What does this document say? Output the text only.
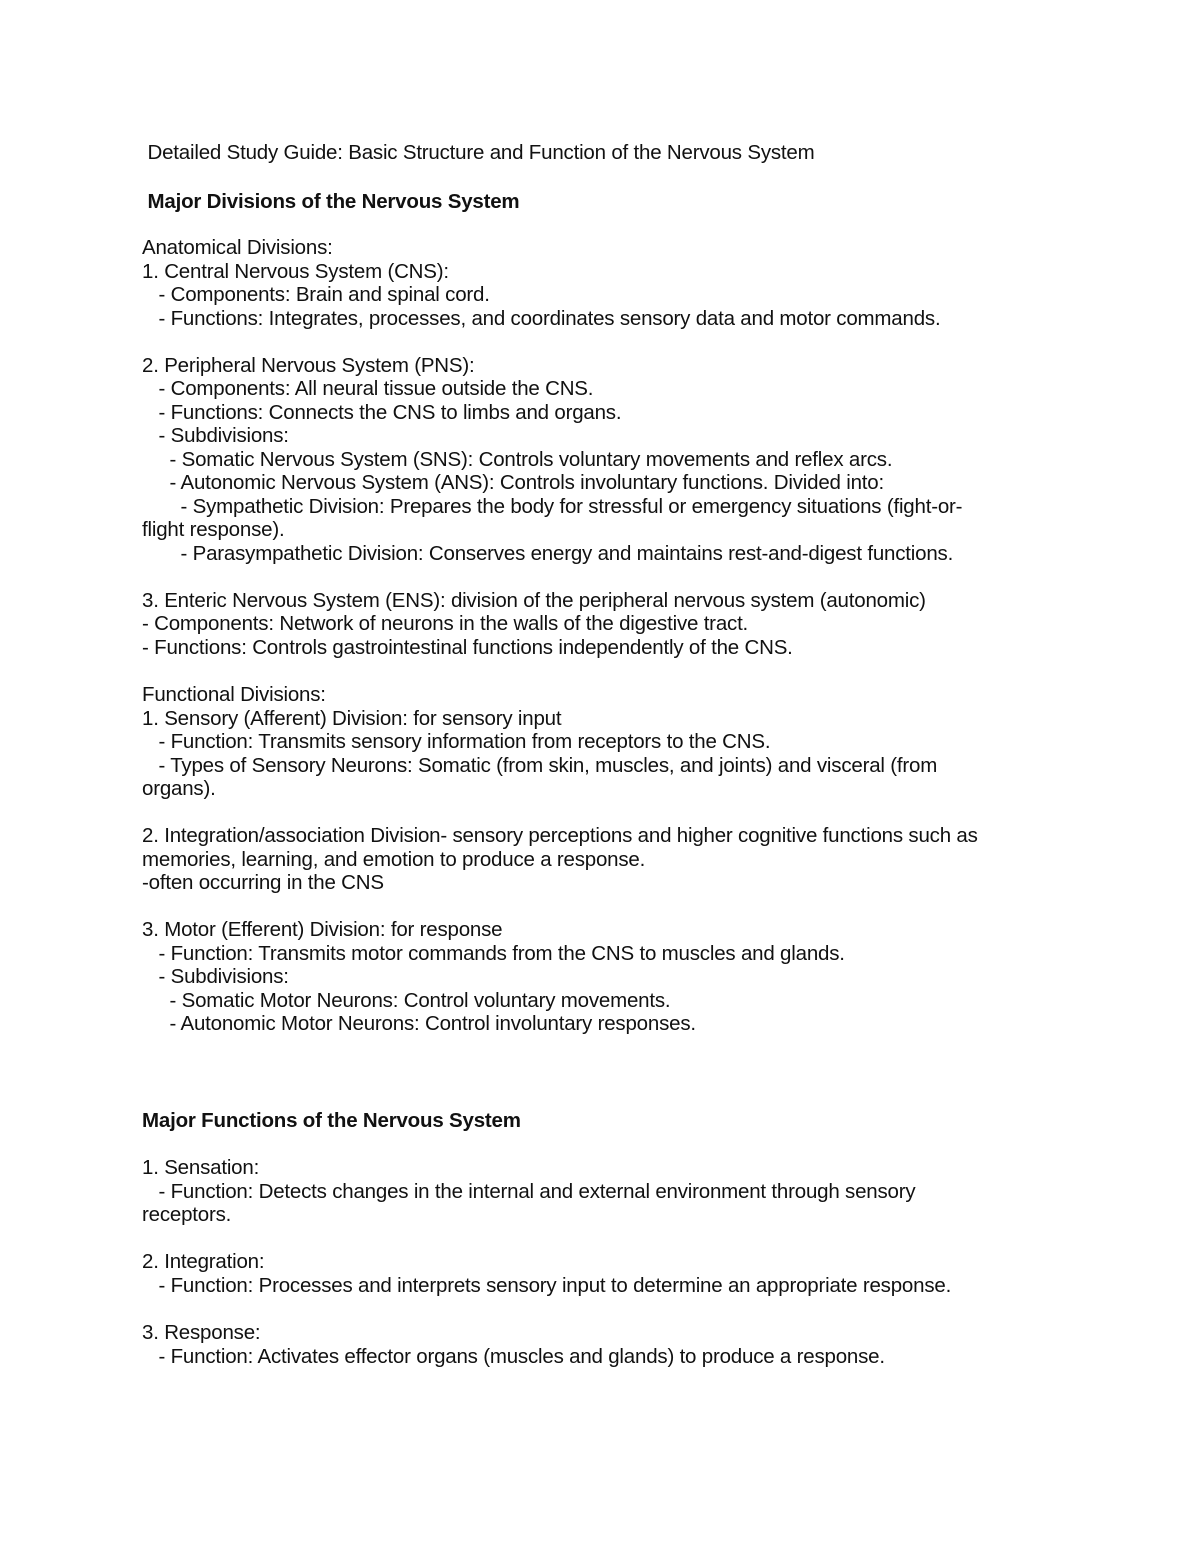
Detailed Study Guide: Basic Structure and Function of the Nervous System
Major Divisions of the Nervous System
Anatomical Divisions:
1. Central Nervous System (CNS):
- Components: Brain and spinal cord.
- Functions: Integrates, processes, and coordinates sensory data and motor commands.
2. Peripheral Nervous System (PNS):
- Components: All neural tissue outside the CNS.
- Functions: Connects the CNS to limbs and organs.
- Subdivisions:
- Somatic Nervous System (SNS): Controls voluntary movements and reflex arcs.
- Autonomic Nervous System (ANS): Controls involuntary functions. Divided into:
- Sympathetic Division: Prepares the body for stressful or emergency situations (fight-or-
flight response).
- Parasympathetic Division: Conserves energy and maintains rest-and-digest functions.
3. Enteric Nervous System (ENS): division of the peripheral nervous system (autonomic)
- Components: Network of neurons in the walls of the digestive tract.
- Functions: Controls gastrointestinal functions independently of the CNS.
Functional Divisions:
1. Sensory (Afferent) Division: for sensory input
- Function: Transmits sensory information from receptors to the CNS.
- Types of Sensory Neurons: Somatic (from skin, muscles, and joints) and visceral (from
organs).
2. Integration/association Division- sensory perceptions and higher cognitive functions such as
memories, learning, and emotion to produce a response.
-often occurring in the CNS
3. Motor (Efferent) Division: for response
- Function: Transmits motor commands from the CNS to muscles and glands.
- Subdivisions:
- Somatic Motor Neurons: Control voluntary movements.
- Autonomic Motor Neurons: Control involuntary responses.
Major Functions of the Nervous System
1. Sensation:
- Function: Detects changes in the internal and external environment through sensory
receptors.
2. Integration:
- Function: Processes and interprets sensory input to determine an appropriate response.
3. Response:
- Function: Activates effector organs (muscles and glands) to produce a response.
